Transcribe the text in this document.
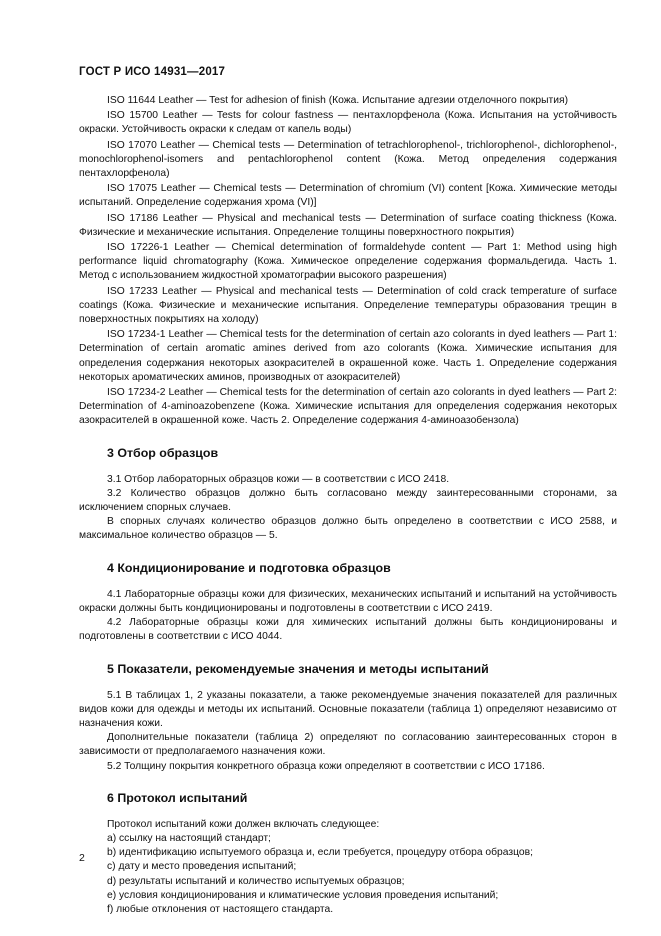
ГОСТ Р ИСО 14931—2017

ISO 11644 Leather — Test for adhesion of finish (Кожа. Испытание адгезии отделочного покрытия)

ISO 15700 Leather — Tests for colour fastness — пентахлорфенола (Кожа. Испытания на устойчивость окраски. Устойчивость окраски к следам от капель воды)

ISO 17070 Leather — Chemical tests — Determination of tetrachlorophenol-, trichlorophenol-, dichlorophenol-, monochlorophenol-isomers and pentachlorophenol content (Кожа. Метод определения содержания пентахлорфенола)

ISO 17075 Leather — Chemical tests — Determination of chromium (VI) content [Кожа. Химические методы испытаний. Определение содержания хрома (VI)]

ISO 17186 Leather — Physical and mechanical tests — Determination of surface coating thickness (Кожа. Физические и механические испытания. Определение толщины поверхностного покрытия)

ISO 17226-1 Leather — Chemical determination of formaldehyde content — Part 1: Method using high performance liquid chromatography (Кожа. Химическое определение содержания формальдегида. Часть 1. Метод с использованием жидкостной хроматографии высокого разрешения)

ISO 17233 Leather — Physical and mechanical tests — Determination of cold crack temperature of surface coatings (Кожа. Физические и механические испытания. Определение температуры образования трещин в поверхностных покрытиях на холоду)

ISO 17234-1 Leather — Chemical tests for the determination of certain azo colorants in dyed leathers — Part 1: Determination of certain aromatic amines derived from azo colorants (Кожа. Химические испытания для определения содержания некоторых азокрасителей в окрашенной коже. Часть 1. Определение содержания некоторых ароматических аминов, производных от азокрасителей)

ISO 17234-2 Leather — Chemical tests for the determination of certain azo colorants in dyed leathers — Part 2: Determination of 4-aminoazobenzene (Кожа. Химические испытания для определения содержания некоторых азокрасителей в окрашенной коже. Часть 2. Определение содержания 4-аминоазобензола)

3 Отбор образцов

3.1 Отбор лабораторных образцов кожи — в соответствии с ИСО 2418.

3.2 Количество образцов должно быть согласовано между заинтересованными сторонами, за исключением спорных случаев.

В спорных случаях количество образцов должно быть определено в соответствии с ИСО 2588, и максимальное количество образцов — 5.

4 Кондиционирование и подготовка образцов

4.1 Лабораторные образцы кожи для физических, механических испытаний и испытаний на устойчивость окраски должны быть кондиционированы и подготовлены в соответствии с ИСО 2419.

4.2 Лабораторные образцы кожи для химических испытаний должны быть кондиционированы и подготовлены в соответствии с ИСО 4044.

5 Показатели, рекомендуемые значения и методы испытаний

5.1 В таблицах 1, 2 указаны показатели, а также рекомендуемые значения показателей для различных видов кожи для одежды и методы их испытаний. Основные показатели (таблица 1) определяют независимо от назначения кожи.

Дополнительные показатели (таблица 2) определяют по согласованию заинтересованных сторон в зависимости от предполагаемого назначения кожи.

5.2 Толщину покрытия конкретного образца кожи определяют в соответствии с ИСО 17186.

6 Протокол испытаний

Протокол испытаний кожи должен включать следующее:

a) ссылку на настоящий стандарт;
b) идентификацию испытуемого образца и, если требуется, процедуру отбора образцов;
c) дату и место проведения испытаний;
d) результаты испытаний и количество испытуемых образцов;
e) условия кондиционирования и климатические условия проведения испытаний;
f) любые отклонения от настоящего стандарта.
2
